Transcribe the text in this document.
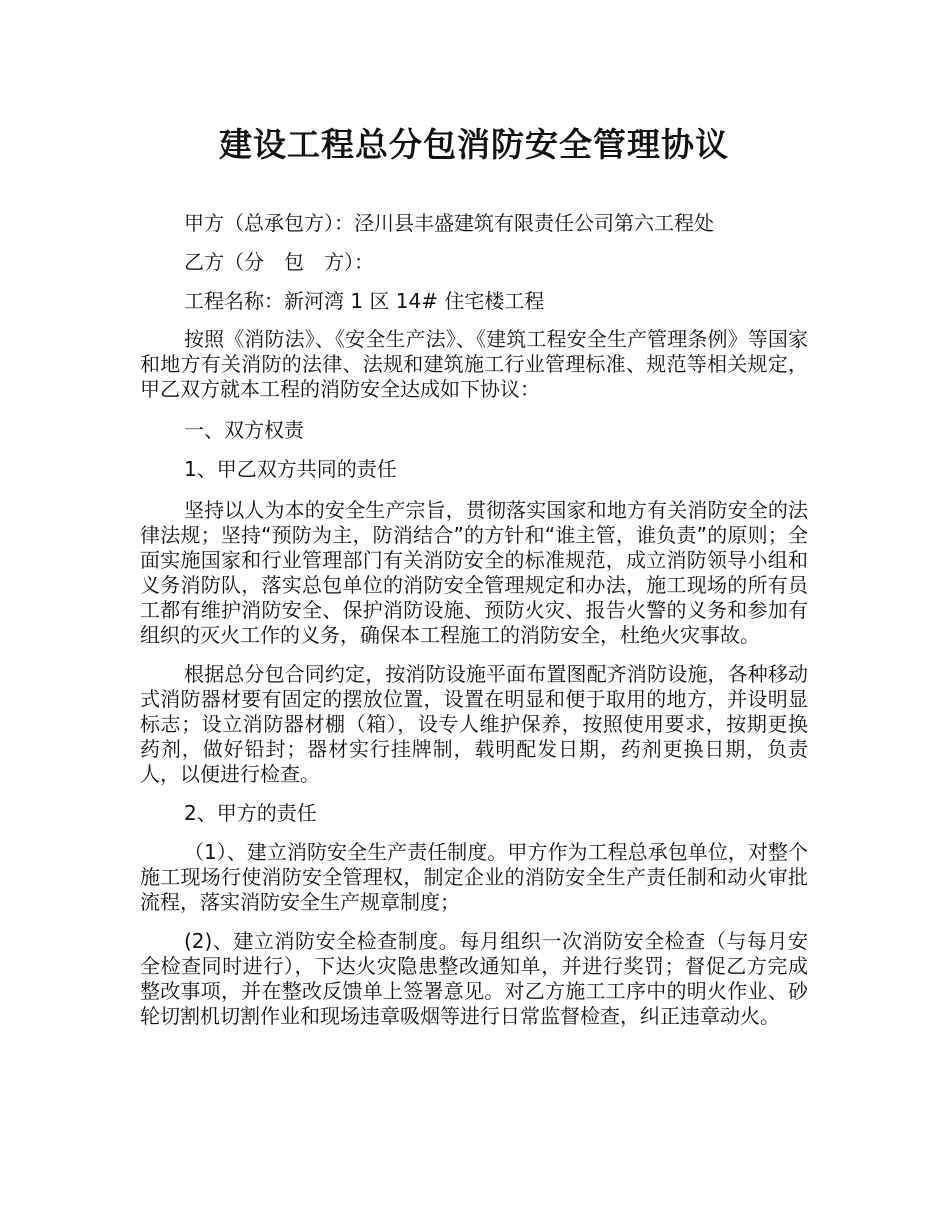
建设工程总分包消防安全管理协议

甲方（总承包方）：泾川县丰盛建筑有限责任公司第六工程处

乙方（分　包　方）：

工程名称：新河湾 1 区 14# 住宅楼工程

按照《消防法》、《安全生产法》、《建筑工程安全生产管理条例》等国家和地方有关消防的法律、法规和建筑施工行业管理标准、规范等相关规定，甲乙双方就本工程的消防安全达成如下协议：

一、双方权责

1、甲乙双方共同的责任

坚持以人为本的安全生产宗旨，贯彻落实国家和地方有关消防安全的法律法规；坚持“预防为主，防消结合”的方针和“谁主管，谁负责”的原则；全面实施国家和行业管理部门有关消防安全的标准规范，成立消防领导小组和义务消防队，落实总包单位的消防安全管理规定和办法，施工现场的所有员工都有维护消防安全、保护消防设施、预防火灾、报告火警的义务和参加有组织的灭火工作的义务，确保本工程施工的消防安全，杜绝火灾事故。

根据总分包合同约定，按消防设施平面布置图配齐消防设施，各种移动式消防器材要有固定的摆放位置，设置在明显和便于取用的地方，并设明显标志；设立消防器材棚（箱），设专人维护保养，按照使用要求，按期更换药剂，做好铅封；器材实行挂牌制，载明配发日期，药剂更换日期，负责人，以便进行检查。

2、甲方的责任

（1）、建立消防安全生产责任制度。甲方作为工程总承包单位，对整个施工现场行使消防安全管理权，制定企业的消防安全生产责任制和动火审批流程，落实消防安全生产规章制度；

(2)、建立消防安全检查制度。每月组织一次消防安全检查（与每月安全检查同时进行），下达火灾隐患整改通知单，并进行奖罚；督促乙方完成整改事项，并在整改反馈单上签署意见。对乙方施工工序中的明火作业、砂轮切割机切割作业和现场违章吸烟等进行日常监督检查，纠正违章动火。
